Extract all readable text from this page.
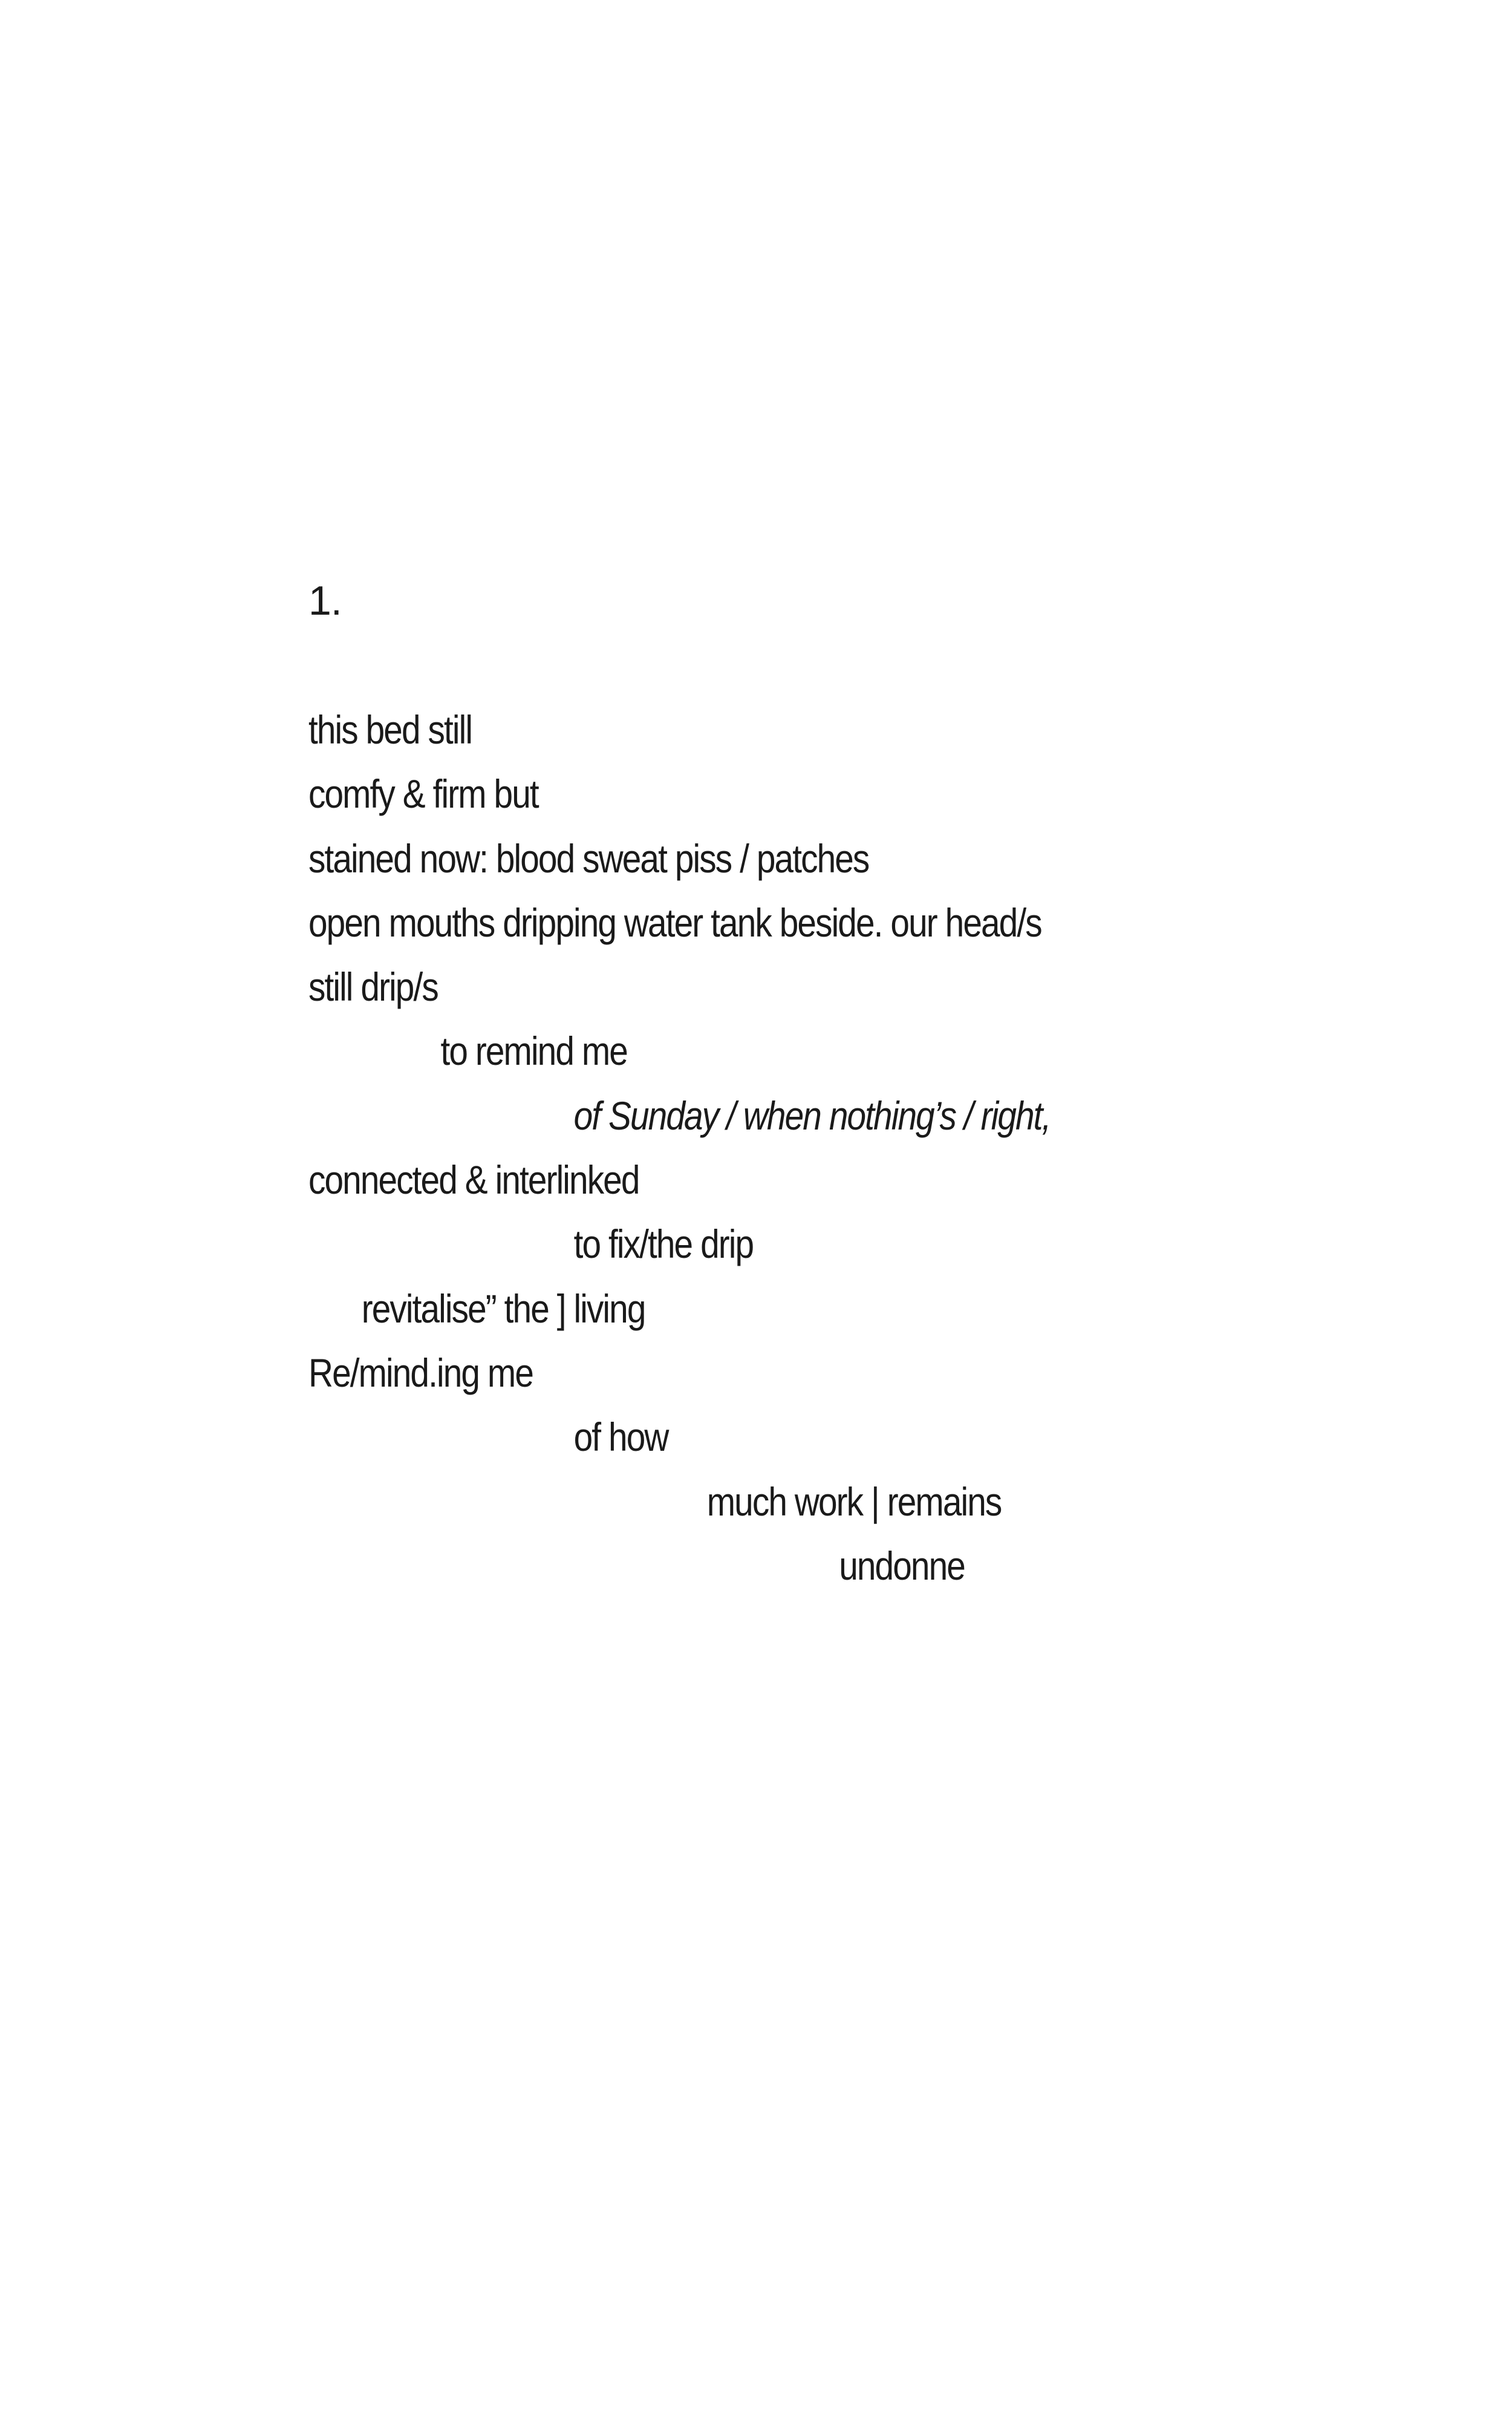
1.
this bed still
comfy & firm but
stained now: blood sweat piss / patches
open mouths dripping water tank beside. our head/s
still drip/s
to remind me
of Sunday / when nothing’s / right,
connected & interlinked
to fix/the drip
revitalise” the ] living
Re/mind.ing me
of how
much work | remains
undonne
